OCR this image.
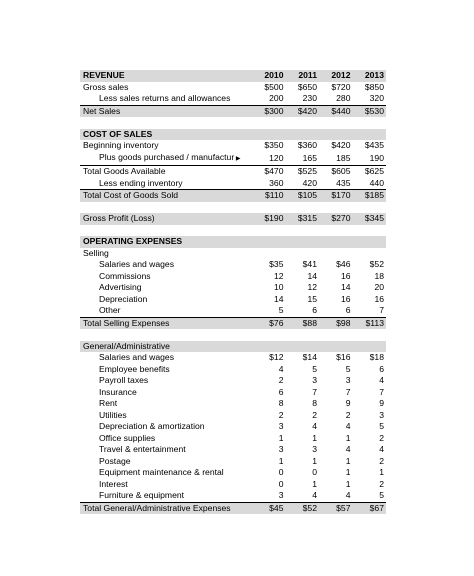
REVENUE	2010	2011	2012	2013
Gross sales	$500	$650	$720	$850
Less sales returns and allowances	200	230	280	320
Net Sales	$300	$420	$440	$530

COST OF SALES				
Beginning inventory	$350	$360	$420	$435
Plus goods purchased / manufactur ▶	120	165	185	190
Total Goods Available	$470	$525	$605	$625
Less ending inventory	360	420	435	440
Total Cost of Goods Sold	$110	$105	$170	$185

Gross Profit (Loss)	$190	$315	$270	$345

OPERATING EXPENSES				
Selling				
Salaries and wages	$35	$41	$46	$52
Commissions	12	14	16	18
Advertising	10	12	14	20
Depreciation	14	15	16	16
Other	5	6	6	7
Total Selling Expenses	$76	$88	$98	$113

General/Administrative				
Salaries and wages	$12	$14	$16	$18
Employee benefits	4	5	5	6
Payroll taxes	2	3	3	4
Insurance	6	7	7	7
Rent	8	8	9	9
Utilities	2	2	2	3
Depreciation & amortization	3	4	4	5
Office supplies	1	1	1	2
Travel & entertainment	3	3	4	4
Postage	1	1	1	2
Equipment maintenance & rental	0	0	1	1
Interest	0	1	1	2
Furniture & equipment	3	4	4	5
Total General/Administrative Expenses	$45	$52	$57	$67
